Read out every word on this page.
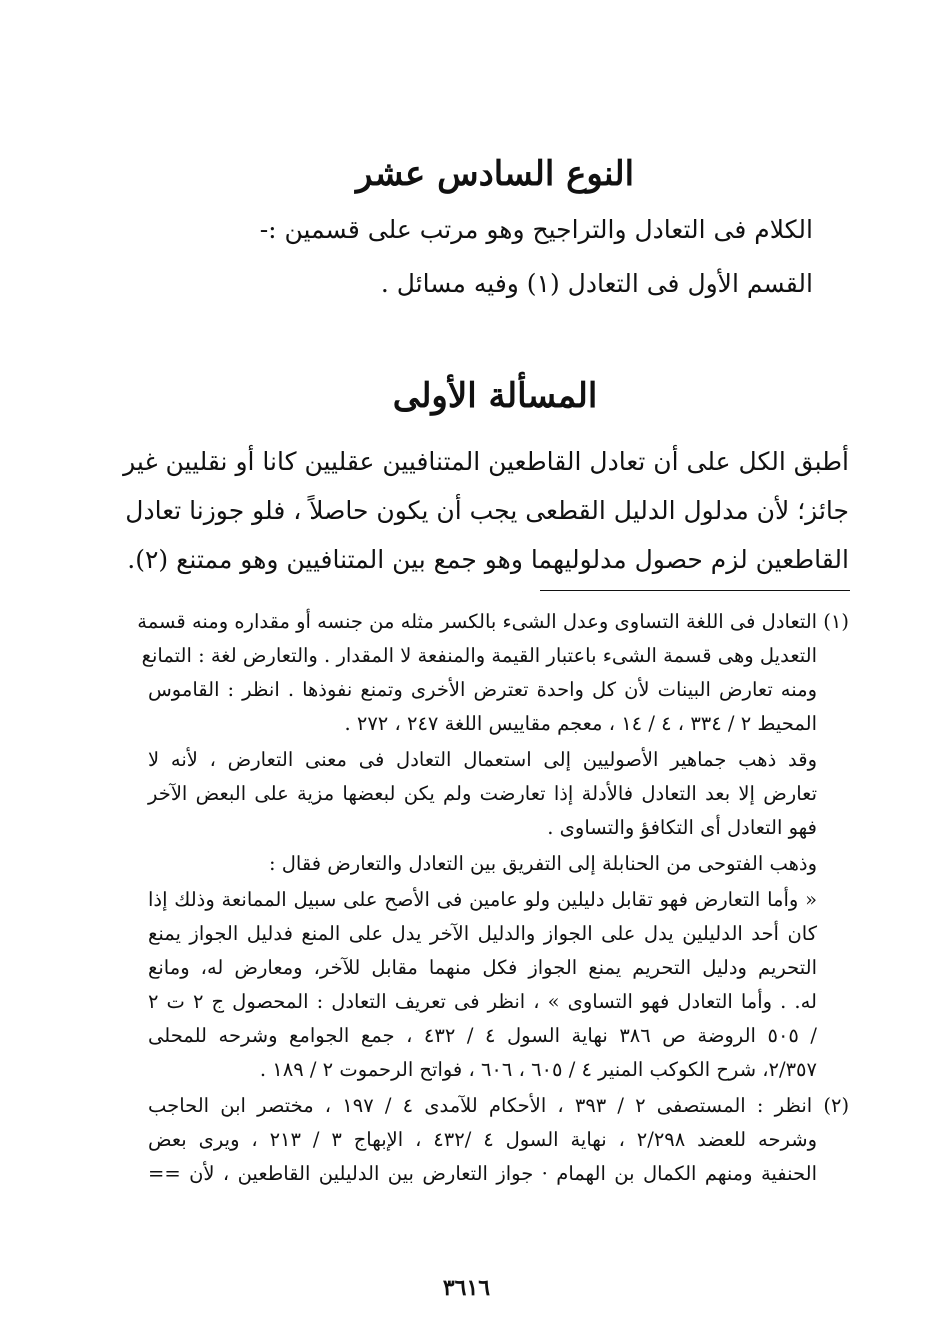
النوع السادس عشر
الكلام فى التعادل والتراجيح وهو مرتب على قسمين :-
القسم الأول فى التعادل (١) وفيه مسائل .
المسألة الأولى
أطبق الكل على أن تعادل القاطعين المتنافيين عقليين كانا أو نقليين غير
جائز؛ لأن مدلول الدليل القطعى يجب أن يكون حاصلاً ، فلو جوزنا تعادل
القاطعين لزم حصول مدلوليهما وهو جمع بين المتنافيين وهو ممتنع (٢).
(١) التعادل فى اللغة التساوى وعدل الشىء بالكسر مثله من جنسه أو مقداره ومنه قسمة
التعديل وهى قسمة الشىء باعتبار القيمة والمنفعة لا المقدار . والتعارض لغة : التمانع
ومنه تعارض البينات لأن كل واحدة تعترض الأخرى وتمنع نفوذها . انظر : القاموس
المحيط ٢ / ٣٣٤ ، ٤ / ١٤ ، معجم مقاييس اللغة ٢٤٧ ، ٢٧٢ .
وقد ذهب جماهير الأصوليين إلى استعمال التعادل فى معنى التعارض ، لأنه لا
تعارض إلا بعد التعادل فالأدلة إذا تعارضت ولم يكن لبعضها مزية على البعض الآخر
فهو التعادل أى التكافؤ والتساوى .
وذهب الفتوحى من الحنابلة إلى التفريق بين التعادل والتعارض فقال :
« وأما التعارض فهو تقابل دليلين ولو عامين فى الأصح على سبيل الممانعة وذلك إذا
كان أحد الدليلين يدل على الجواز والدليل الآخر يدل على المنع فدليل الجواز يمنع
التحريم ودليل التحريم يمنع الجواز فكل منهما مقابل للآخر، ومعارض له، ومانع
له. . وأما التعادل فهو التساوى » ، انظر فى تعريف التعادل : المحصول ج ٢ ت ٢
/ ٥٠٥ الروضة ص ٣٨٦ نهاية السول ٤ / ٤٣٢ ، جمع الجوامع وشرحه للمحلى
٢/٣٥٧، شرح الكوكب المنير ٤ / ٦٠٥ ، ٦٠٦ ، فواتح الرحموت ٢ / ١٨٩ .
(٢) انظر : المستصفى ٢ / ٣٩٣ ، الأحكام للآمدى ٤ / ١٩٧ ، مختصر ابن الحاجب
وشرحه للعضد ٢/٢٩٨ ، نهاية السول ٤ /٤٣٢ ، الإبهاج ٣ / ٢١٣ ، ويرى بعض
الحنفية ومنهم الكمال بن الهمام · جواز التعارض بين الدليلين القاطعين ، لأن ==
٣٦١٦
